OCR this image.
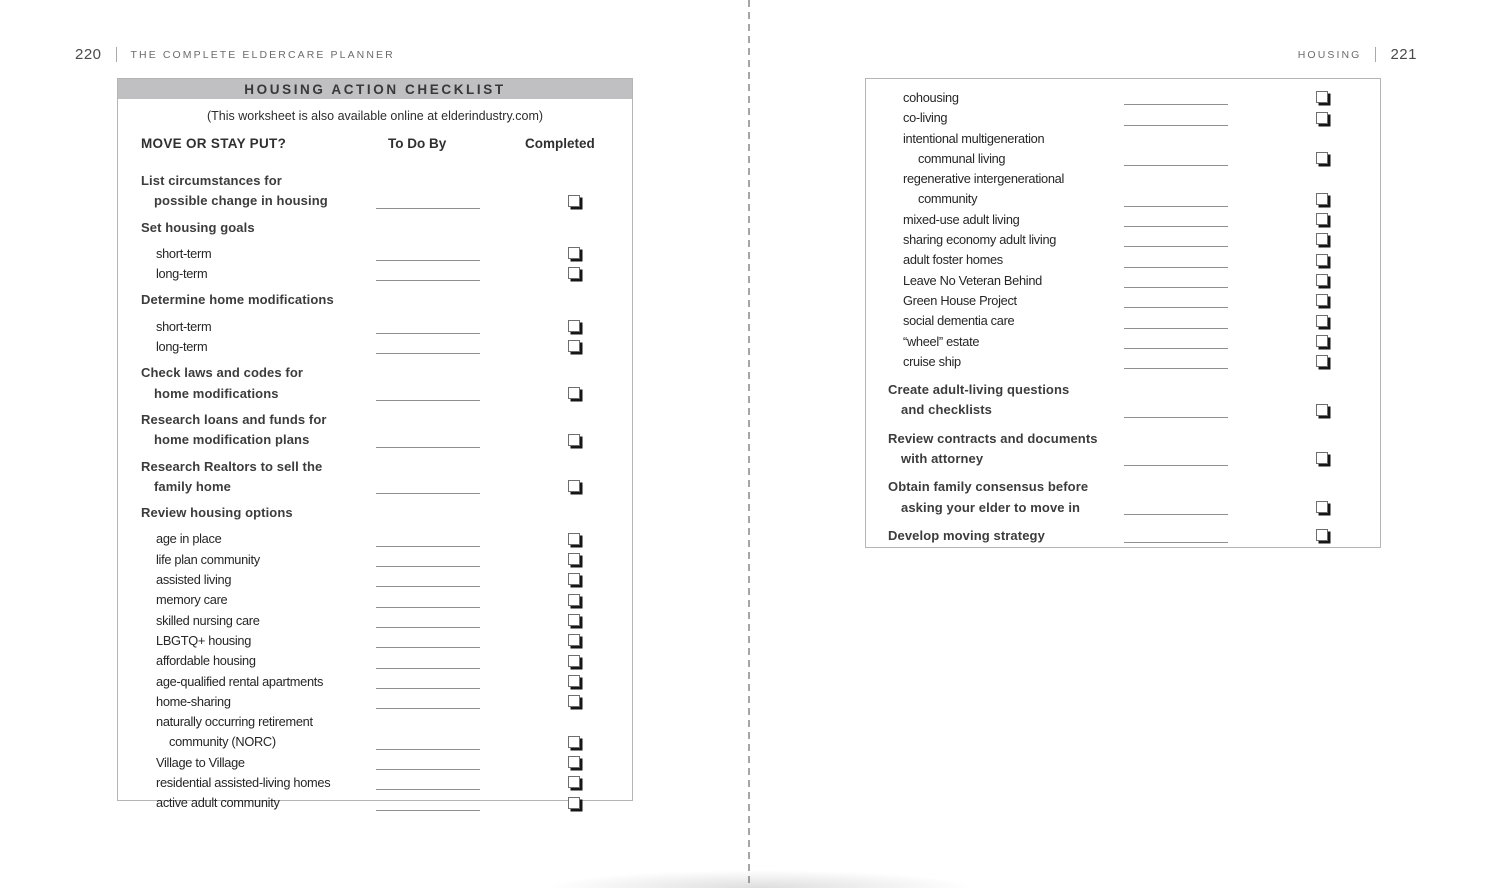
220	THE COMPLETE ELDERCARE PLANNER	HOUSING 221
HOUSING ACTION CHECKLIST
(This worksheet is also available online at elderindustry.com)
MOVE OR STAY PUT?	To Do By	Completed
List circumstances for
possible change in housing
Set housing goals
short-term
long-term
Determine home modifications
short-term
long-term
Check laws and codes for
home modifications
Research loans and funds for
home modification plans
Research Realtors to sell the
family home
Review housing options
age in place
life plan community
assisted living
memory care
skilled nursing care
LBGTQ+ housing
affordable housing
age-qualified rental apartments
home-sharing
naturally occurring retirement
community (NORC)
Village to Village
residential assisted-living homes
active adult community
cohousing
co-living
intentional multigeneration
communal living
regenerative intergenerational
community
mixed-use adult living
sharing economy adult living
adult foster homes
Leave No Veteran Behind
Green House Project
social dementia care
“wheel” estate
cruise ship
Create adult-living questions
and checklists
Review contracts and documents
with attorney
Obtain family consensus before
asking your elder to move in
Develop moving strategy
